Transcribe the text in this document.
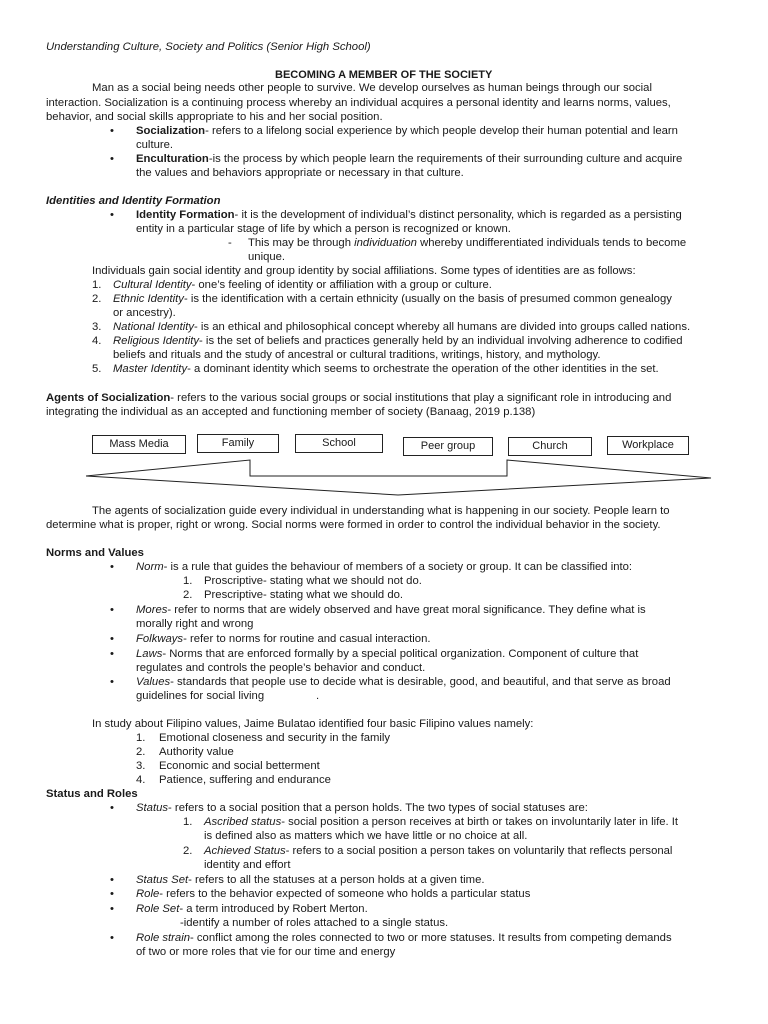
Understanding Culture, Society and Politics (Senior High School)
BECOMING A MEMBER OF THE SOCIETY
Man as a social being needs other people to survive. We develop ourselves as human beings through our social
interaction. Socialization is a continuing process whereby an individual acquires a personal identity and learns norms, values,
behavior, and social skills appropriate to his and her social position.
• Socialization- refers to a lifelong social experience by which people develop their human potential and learn
culture.
• Enculturation-is the process by which people learn the requirements of their surrounding culture and acquire
the values and behaviors appropriate or necessary in that culture.
Identities and Identity Formation
• Identity Formation- it is the development of individual’s distinct personality, which is regarded as a persisting
entity in a particular stage of life by which a person is recognized or known.
- This may be through individuation whereby undifferentiated individuals tends to become
unique.
Individuals gain social identity and group identity by social affiliations. Some types of identities are as follows:
1. Cultural Identity- one’s feeling of identity or affiliation with a group or culture.
2. Ethnic Identity- is the identification with a certain ethnicity (usually on the basis of presumed common genealogy
or ancestry).
3. National Identity- is an ethical and philosophical concept whereby all humans are divided into groups called nations.
4. Religious Identity- is the set of beliefs and practices generally held by an individual involving adherence to codified
beliefs and rituals and the study of ancestral or cultural traditions, writings, history, and mythology.
5. Master Identity- a dominant identity which seems to orchestrate the operation of the other identities in the set.
Agents of Socialization- refers to the various social groups or social institutions that play a significant role in introducing and
integrating the individual as an accepted and functioning member of society (Banaag, 2019 p.138)
Mass Media	Family	School	Peer group	Church	Workplace
The agents of socialization guide every individual in understanding what is happening in our society. People learn to
determine what is proper, right or wrong. Social norms were formed in order to control the individual behavior in the society.
Norms and Values
• Norm- is a rule that guides the behaviour of members of a society or group. It can be classified into:
1. Proscriptive- stating what we should not do.
2. Prescriptive- stating what we should do.
• Mores- refer to norms that are widely observed and have great moral significance. They define what is
morally right and wrong
• Folkways- refer to norms for routine and casual interaction.
• Laws- Norms that are enforced formally by a special political organization. Component of culture that
regulates and controls the people’s behavior and conduct.
• Values- standards that people use to decide what is desirable, good, and beautiful, and that serve as broad
guidelines for social living	.
In study about Filipino values, Jaime Bulatao identified four basic Filipino values namely:
1. Emotional closeness and security in the family
2. Authority value
3. Economic and social betterment
4. Patience, suffering and endurance
Status and Roles
• Status- refers to a social position that a person holds. The two types of social statuses are:
1. Ascribed status- social position a person receives at birth or takes on involuntarily later in life. It
is defined also as matters which we have little or no choice at all.
2. Achieved Status- refers to a social position a person takes on voluntarily that reflects personal
identity and effort
• Status Set- refers to all the statuses at a person holds at a given time.
• Role- refers to the behavior expected of someone who holds a particular status
• Role Set- a term introduced by Robert Merton.
-identify a number of roles attached to a single status.
• Role strain- conflict among the roles connected to two or more statuses. It results from competing demands
of two or more roles that vie for our time and energy
